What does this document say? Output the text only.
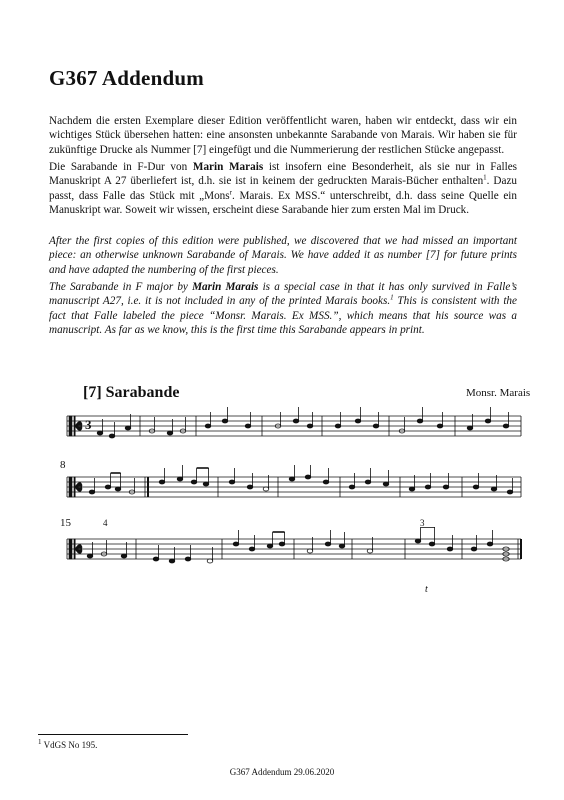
G367 Addendum

Nachdem die ersten Exemplare dieser Edition veröffentlicht waren, haben wir entdeckt, dass wir ein wichtiges Stück übersehen hatten: eine ansonsten unbekannte Sarabande von Marais. Wir haben sie für zukünftige Drucke als Nummer [7] eingefügt und die Nummerierung der restlichen Stücke angepasst.

Die Sarabande in F-Dur von Marin Marais ist insofern eine Besonderheit, als sie nur in Falles Manuskript A 27 überliefert ist, d.h. sie ist in keinem der gedruckten Marais-Bücher enthalten$^1$. Dazu passt, dass Falle das Stück mit „Mons$^r$. Marais. Ex MSS.“ unterschreibt, d.h. dass seine Quelle ein Manuskript war. Soweit wir wissen, erscheint diese Sarabande hier zum ersten Mal im Druck.

After the first copies of this edition were published, we discovered that we had missed an important piece: an otherwise unknown Sarabande of Marais. We have added it as number [7] for future prints and have adapted the numbering of the first pieces.

The Sarabande in F major by Marin Marais is a special case in that it has only survived in Falle’s manuscript A27, i.e. it is not included in any of the printed Marais books.$^1$ This is consistent with the fact that Falle labeled the piece “Monsr. Marais. Ex MSS.”, which means that his source was a manuscript. As far as we know, this is the first time this Sarabande appears in print.

[7] Sarabande	Monsr. Marais

3

8

15	4	3

t

$^1$ VdGS No 195.

G367 Addendum 29.06.2020
